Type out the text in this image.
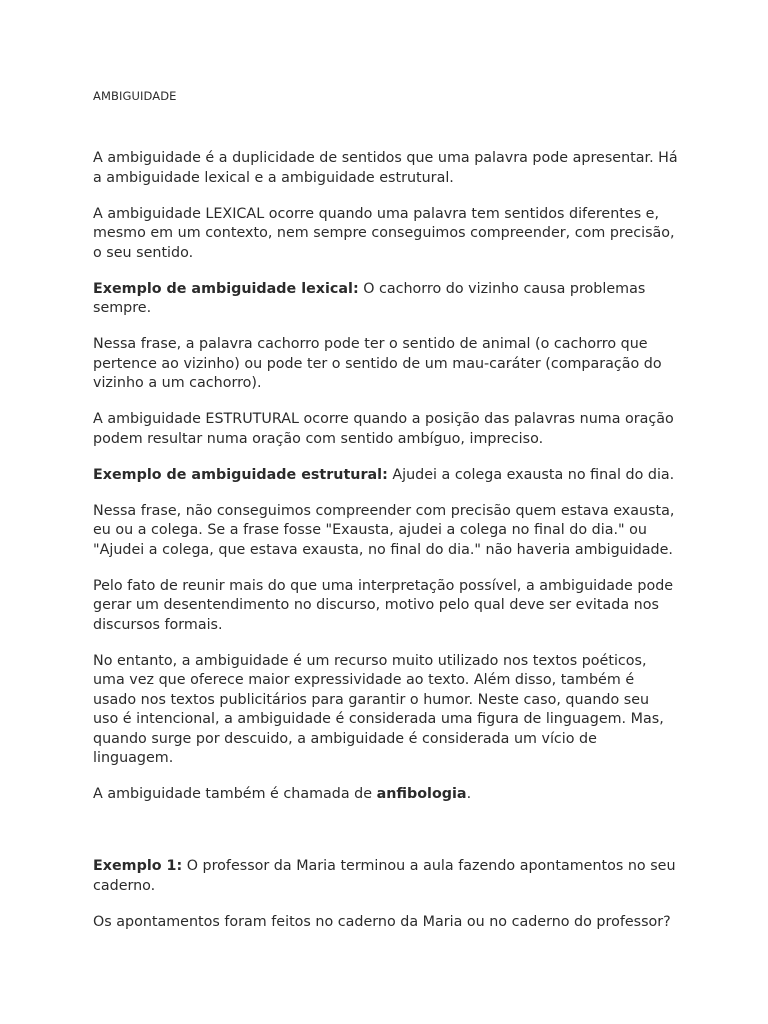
AMBIGUIDADE

A ambiguidade é a duplicidade de sentidos que uma palavra pode apresentar. Há a ambiguidade lexical e a ambiguidade estrutural.

A ambiguidade LEXICAL ocorre quando uma palavra tem sentidos diferentes e, mesmo em um contexto, nem sempre conseguimos compreender, com precisão, o seu sentido.

Exemplo de ambiguidade lexical: O cachorro do vizinho causa problemas sempre.

Nessa frase, a palavra cachorro pode ter o sentido de animal (o cachorro que pertence ao vizinho) ou pode ter o sentido de um mau-caráter (comparação do vizinho a um cachorro).

A ambiguidade ESTRUTURAL ocorre quando a posição das palavras numa oração podem resultar numa oração com sentido ambíguo, impreciso.

Exemplo de ambiguidade estrutural: Ajudei a colega exausta no final do dia.

Nessa frase, não conseguimos compreender com precisão quem estava exausta, eu ou a colega. Se a frase fosse "Exausta, ajudei a colega no final do dia." ou "Ajudei a colega, que estava exausta, no final do dia." não haveria ambiguidade.

Pelo fato de reunir mais do que uma interpretação possível, a ambiguidade pode gerar um desentendimento no discurso, motivo pelo qual deve ser evitada nos discursos formais.

No entanto, a ambiguidade é um recurso muito utilizado nos textos poéticos, uma vez que oferece maior expressividade ao texto. Além disso, também é usado nos textos publicitários para garantir o humor. Neste caso, quando seu uso é intencional, a ambiguidade é considerada uma figura de linguagem. Mas, quando surge por descuido, a ambiguidade é considerada um vício de linguagem.

A ambiguidade também é chamada de anfibologia.

Exemplo 1: O professor da Maria terminou a aula fazendo apontamentos no seu caderno.

Os apontamentos foram feitos no caderno da Maria ou no caderno do professor?
